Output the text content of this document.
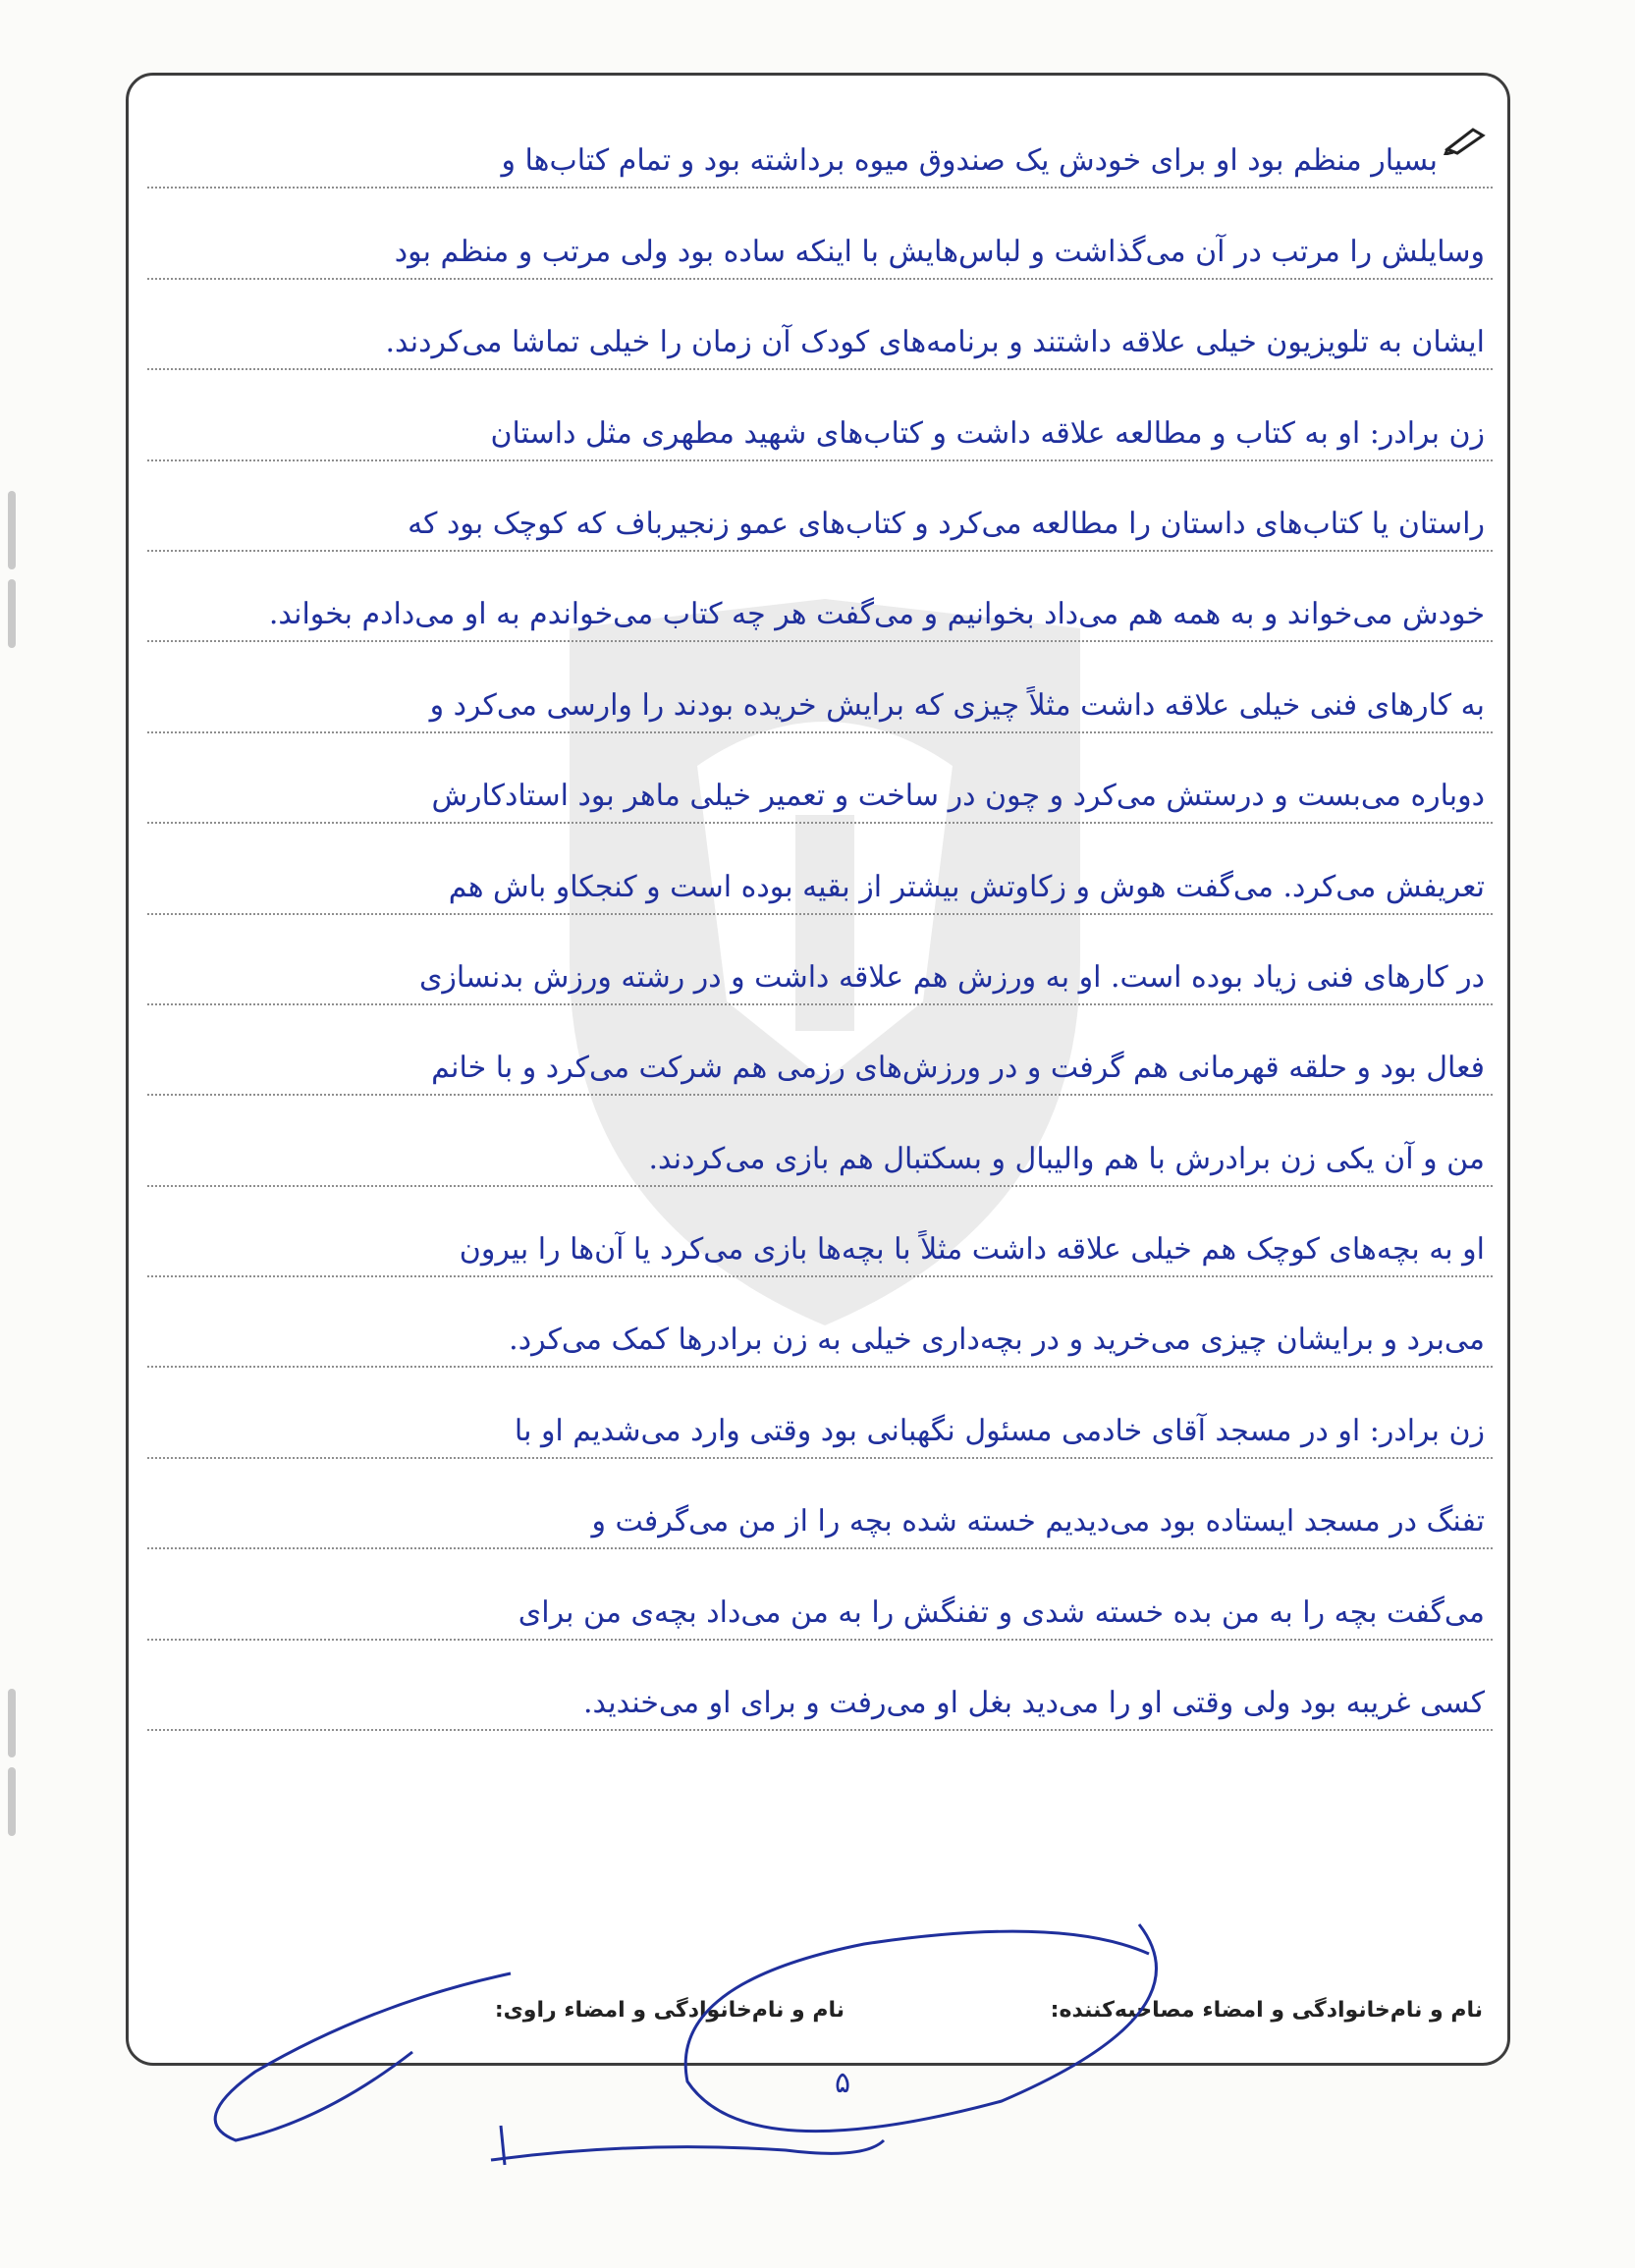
بسیار منظم بود او برای خودش یک صندوق میوه برداشته بود و تمام کتاب‌ها و
وسایلش را مرتب در آن می‌گذاشت و لباس‌هایش با اینکه ساده بود ولی مرتب و منظم بود
ایشان به تلویزیون خیلی علاقه داشتند و برنامه‌های کودک آن زمان را خیلی تماشا می‌کردند.
زن برادر: او به کتاب و مطالعه علاقه داشت و کتاب‌های شهید مطهری مثل داستان
راستان یا کتاب‌های داستان را مطالعه می‌کرد و کتاب‌های عمو زنجیرباف که کوچک بود که
خودش می‌خواند و به همه هم می‌داد بخوانیم و می‌گفت هر چه کتاب می‌خواندم به او می‌دادم بخواند.
به کارهای فنی خیلی علاقه داشت مثلاً چیزی که برایش خریده بودند را وارسی می‌کرد و
دوباره می‌بست و درستش می‌کرد و چون در ساخت و تعمیر خیلی ماهر بود استادکارش
تعریفش می‌کرد. می‌گفت هوش و زکاوتش بیشتر از بقیه بوده است و کنجکاو باش هم
در کارهای فنی زیاد بوده است. او به ورزش هم علاقه داشت و در رشته ورزش بدنسازی
فعال بود و حلقه قهرمانی هم گرفت و در ورزش‌های رزمی هم شرکت می‌کرد و با خانم
من و آن یکی زن برادرش با هم والیبال و بسکتبال هم بازی می‌کردند.
او به بچه‌های کوچک هم خیلی علاقه داشت مثلاً با بچه‌ها بازی می‌کرد یا آن‌ها را بیرون
می‌برد و برایشان چیزی می‌خرید و در بچه‌داری خیلی به زن برادرها کمک می‌کرد.
زن برادر: او در مسجد آقای خادمی مسئول نگهبانی بود وقتی وارد می‌شدیم او با
تفنگ در مسجد ایستاده بود می‌دیدیم خسته شده بچه را از من می‌گرفت و
می‌گفت بچه را به من بده خسته شدی و تفنگش را به من می‌داد بچه‌ی من برای
کسی غریبه بود ولی وقتی او را می‌دید بغل او می‌رفت و برای او می‌خندید.
نام و نام‌خانوادگی و امضاء مصاحبه‌کننده:
نام و نام‌خانوادگی و امضاء راوی:
۵
